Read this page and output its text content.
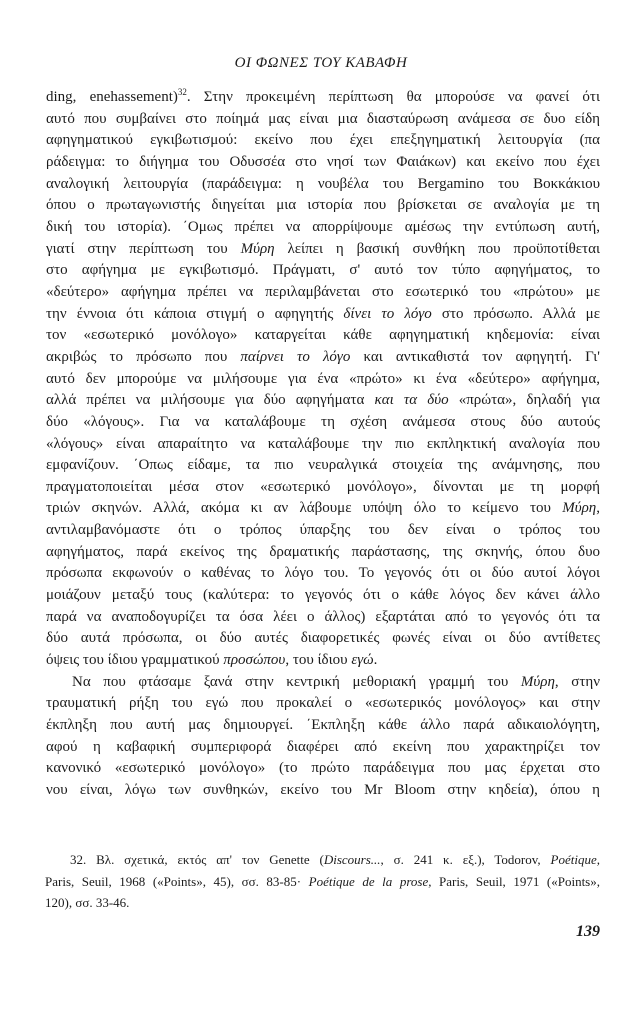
ΟΙ ΦΩΝΕΣ ΤΟΥ ΚΑΒΑΦΗ
ding, enehassement)$^{32}$. Στην προκειμένη περίπτωση θα μπορούσε να φανεί ότι
αυτό που συμβαίνει στο ποίημά μας είναι μια διασταύρωση ανάμεσα σε δυο είδη
αφηγηματικού εγκιβωτισμού: εκείνο που έχει επεξηγηματική λειτουργία (πα
ράδειγμα: το διήγημα του Οδυσσέα στο νησί των Φαιάκων) και εκείνο που έχει
αναλογική λειτουργία (παράδειγμα: η νουβέλα του Bergamino του Βοκκάκιου
όπου ο πρωταγωνιστής διηγείται μια ιστορία που βρίσκεται σε αναλογία με τη
δική του ιστορία). ΄Ομως πρέπει να απορρίψουμε αμέσως την εντύπωση αυτή,
γιατί στην περίπτωση του Μύρη λείπει η βασική συνθήκη που προϋποτίθεται
στο αφήγημα με εγκιβωτισμό. Πράγματι, σ' αυτό τον τύπο αφηγήματος, το
«δεύτερο» αφήγημα πρέπει να περιλαμβάνεται στο εσωτερικό του «πρώτου» με
την έννοια ότι κάποια στιγμή ο αφηγητής δίνει το λόγο στο πρόσωπο. Αλλά με
τον «εσωτερικό μονόλογο» καταργείται κάθε αφηγηματική κηδεμονία: είναι
ακριβώς το πρόσωπο που παίρνει το λόγο και αντικαθιστά τον αφηγητή. Γι'
αυτό δεν μπορούμε να μιλήσουμε για ένα «πρώτο» κι ένα «δεύτερο» αφήγημα,
αλλά πρέπει να μιλήσουμε για δύο αφηγήματα και τα δύο «πρώτα», δηλαδή για
δύο «λόγους». Για να καταλάβουμε τη σχέση ανάμεσα στους δύο αυτούς
«λόγους» είναι απαραίτητο να καταλάβουμε την πιο εκπληκτική αναλογία που
εμφανίζουν. ΄Οπως είδαμε, τα πιο νευραλγικά στοιχεία της ανάμνησης, που
πραγματοποιείται μέσα στον «εσωτερικό μονόλογο», δίνονται με τη μορφή
τριών σκηνών. Αλλά, ακόμα κι αν λάβουμε υπόψη όλο το κείμενο του Μύρη,
αντιλαμβανόμαστε ότι ο τρόπος ύπαρξης του δεν είναι ο τρόπος του
αφηγήματος, παρά εκείνος της δραματικής παράστασης, της σκηνής, όπου δυο
πρόσωπα εκφωνούν ο καθένας το λόγο του. Το γεγονός ότι οι δύο αυτοί λόγοι
μοιάζουν μεταξύ τους (καλύτερα: το γεγονός ότι ο κάθε λόγος δεν κάνει άλλο
παρά να αναποδογυρίζει τα όσα λέει ο άλλος) εξαρτάται από το γεγονός ότι τα
δύο αυτά πρόσωπα, οι δύο αυτές διαφορετικές φωνές είναι οι δύο αντίθετες
όψεις του ίδιου γραμματικού προσώπου, του ίδιου εγώ.
Να που φτάσαμε ξανά στην κεντρική μεθοριακή γραμμή του Μύρη, στην
τραυματική ρήξη του εγώ που προκαλεί ο «εσωτερικός μονόλογος» και στην
έκπληξη που αυτή μας δημιουργεί. ΄Εκπληξη κάθε άλλο παρά αδικαιολόγητη,
αφού η καβαφική συμπεριφορά διαφέρει από εκείνη που χαρακτηρίζει τον
κανονικό «εσωτερικό μονόλογο» (το πρώτο παράδειγμα που μας έρχεται στο
νου είναι, λόγω των συνθηκών, εκείνο του Mr Bloom στην κηδεία), όπου η
32. Βλ. σχετικά, εκτός απ' τον Genette (Discours..., σ. 241 κ. εξ.), Todorov, Poétique,
Paris, Seuil, 1968 («Points», 45), σσ. 83-85· Poétique de la prose, Paris, Seuil, 1971 («Points»,
120), σσ. 33-46.
139
